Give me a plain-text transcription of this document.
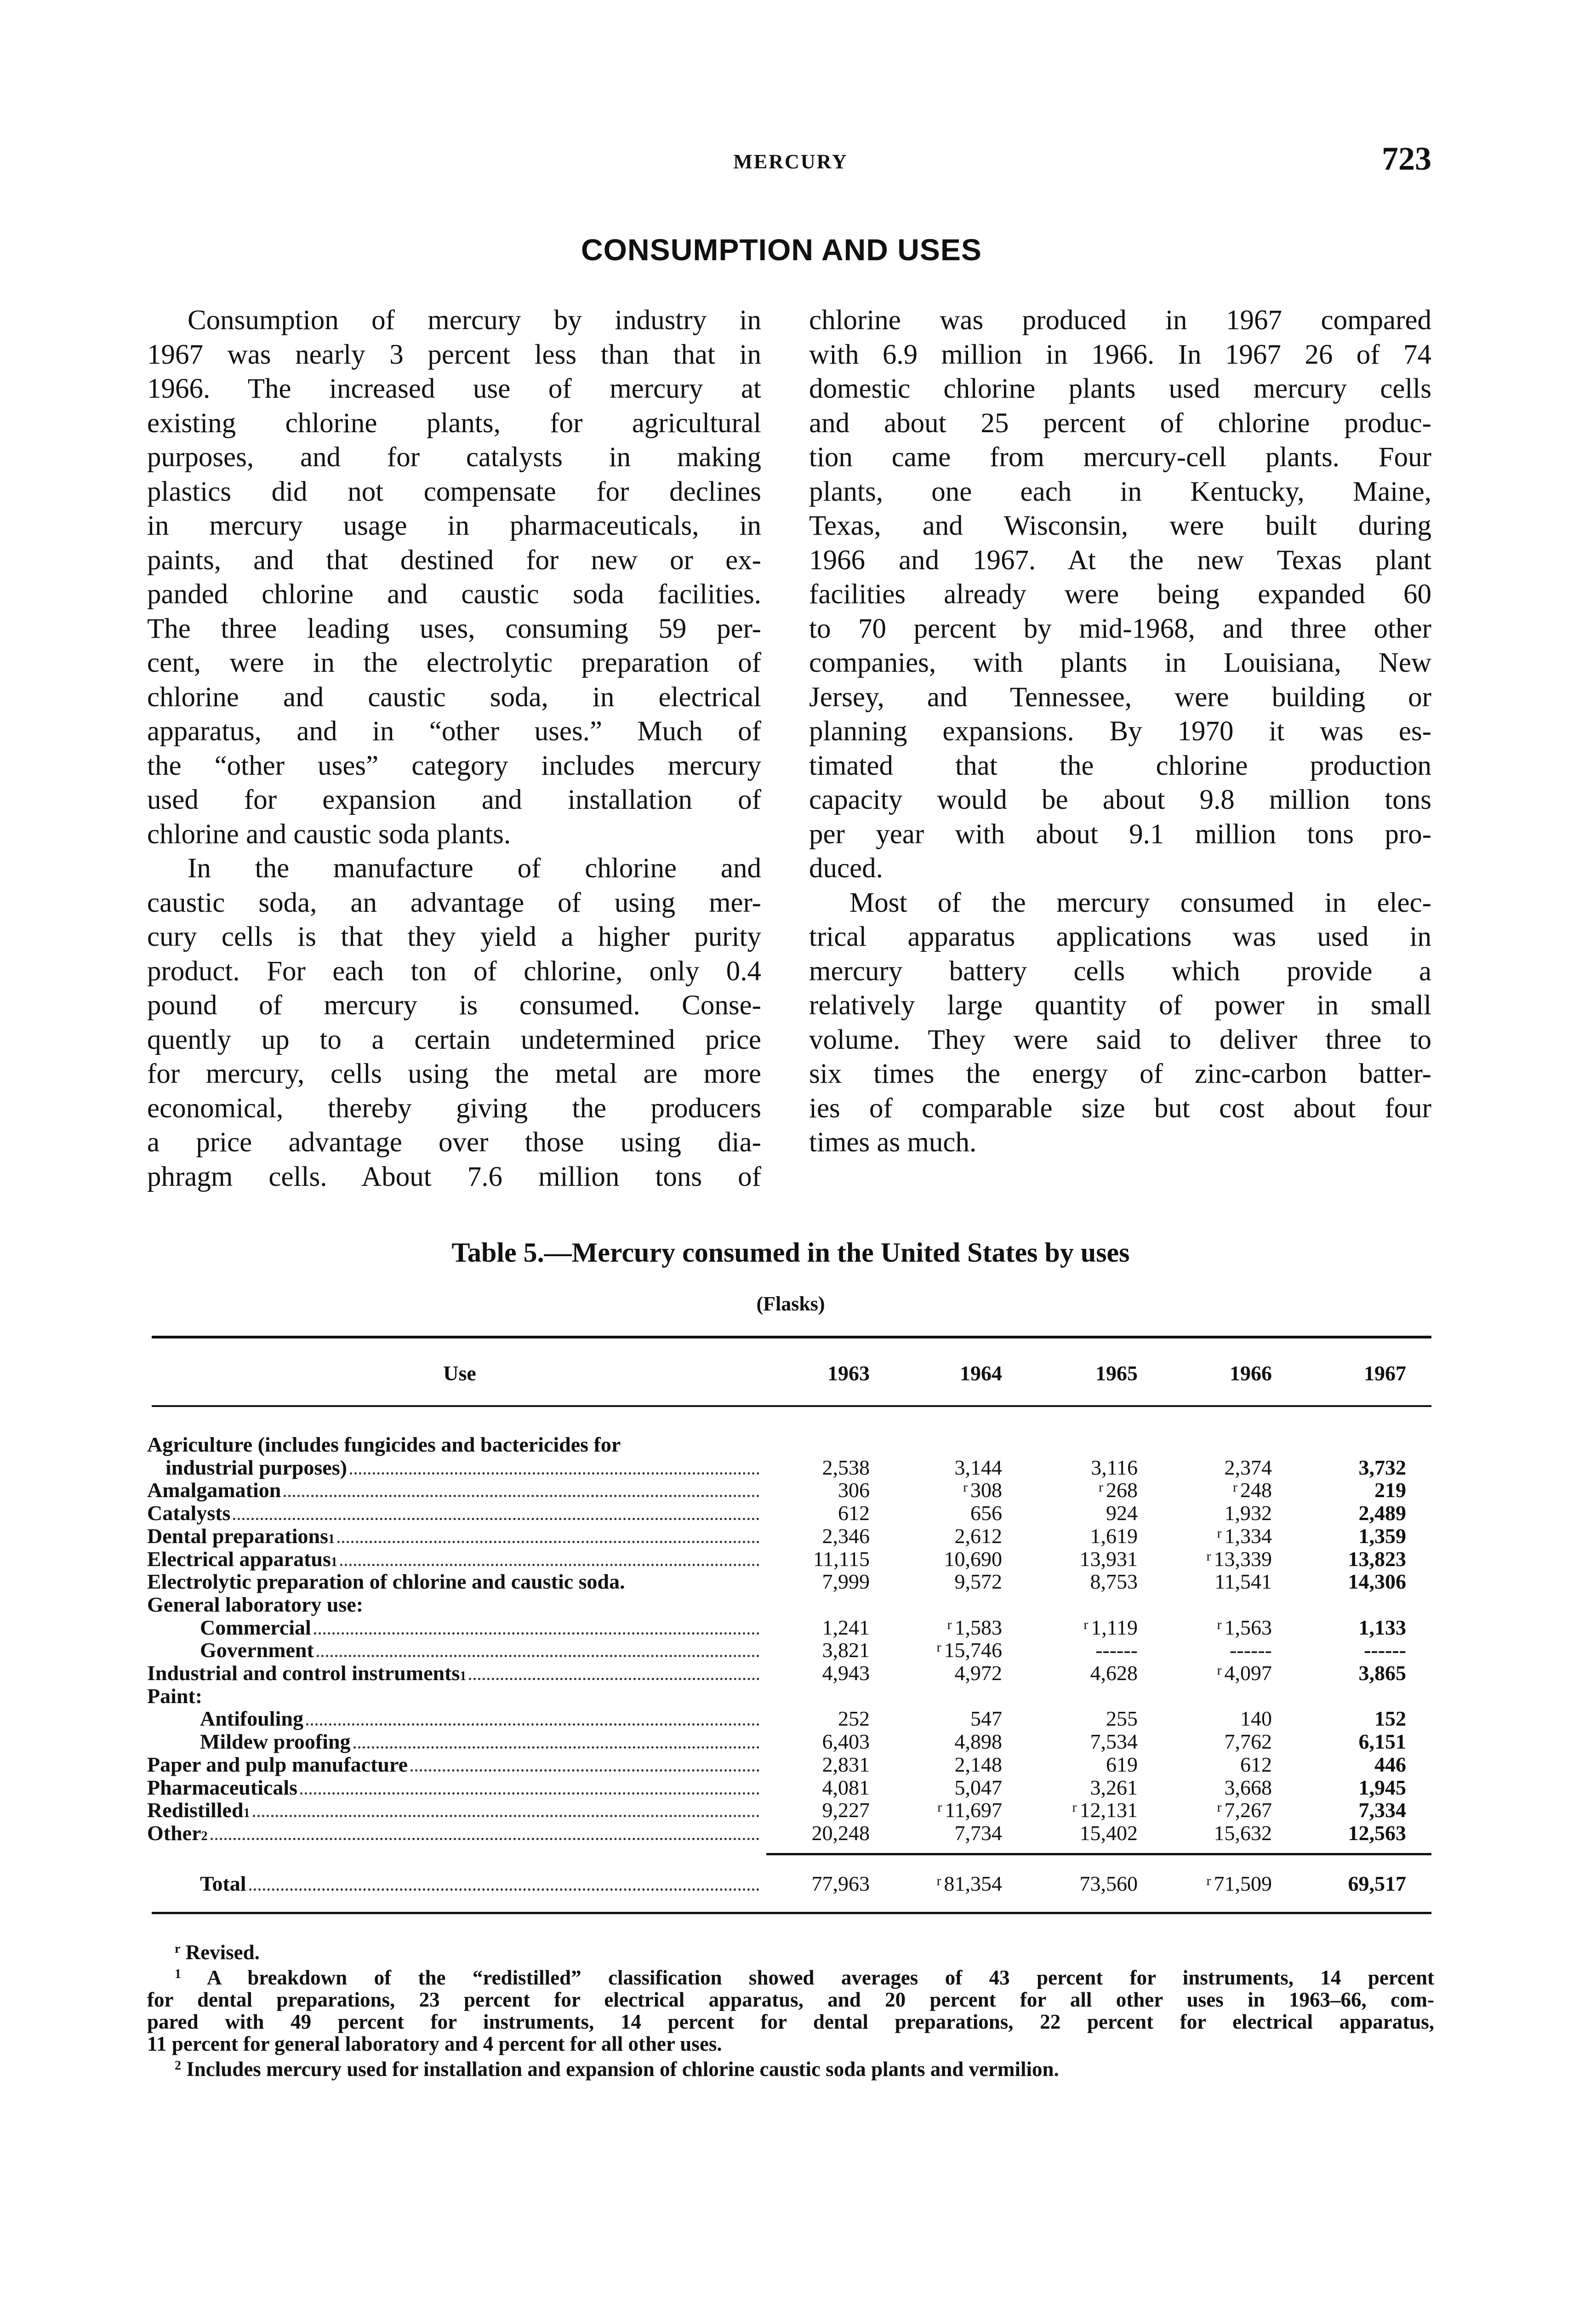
MERCURY	723
CONSUMPTION AND USES
Consumption of mercury by industry in
1967 was nearly 3 percent less than that in
1966. The increased use of mercury at
existing chlorine plants, for agricultural
purposes, and for catalysts in making
plastics did not compensate for declines
in mercury usage in pharmaceuticals, in
paints, and that destined for new or ex-
panded chlorine and caustic soda facilities.
The three leading uses, consuming 59 per-
cent, were in the electrolytic preparation of
chlorine and caustic soda, in electrical
apparatus, and in “other uses.” Much of
the “other uses” category includes mercury
used for expansion and installation of
chlorine and caustic soda plants.
In the manufacture of chlorine and
caustic soda, an advantage of using mer-
cury cells is that they yield a higher purity
product. For each ton of chlorine, only 0.4
pound of mercury is consumed. Conse-
quently up to a certain undetermined price
for mercury, cells using the metal are more
economical, thereby giving the producers
a price advantage over those using dia-
phragm cells. About 7.6 million tons of
chlorine was produced in 1967 compared
with 6.9 million in 1966. In 1967 26 of 74
domestic chlorine plants used mercury cells
and about 25 percent of chlorine produc-
tion came from mercury-cell plants. Four
plants, one each in Kentucky, Maine,
Texas, and Wisconsin, were built during
1966 and 1967. At the new Texas plant
facilities already were being expanded 60
to 70 percent by mid-1968, and three other
companies, with plants in Louisiana, New
Jersey, and Tennessee, were building or
planning expansions. By 1970 it was es-
timated that the chlorine production
capacity would be about 9.8 million tons
per year with about 9.1 million tons pro-
duced.
Most of the mercury consumed in elec-
trical apparatus applications was used in
mercury battery cells which provide a
relatively large quantity of power in small
volume. They were said to deliver three to
six times the energy of zinc-carbon batter-
ies of comparable size but cost about four
times as much.
Table 5.—Mercury consumed in the United States by uses
(Flasks)
Use	1963	1964	1965	1966	1967
Agriculture (includes fungicides and bactericides for
industrial purposes)	2,538	3,144	3,116	2,374	3,732
Amalgamation	306	$^r$ 308	$^r$ 268	$^r$ 248	219
Catalysts	612	656	924	1,932	2,489
Dental preparations 1	2,346	2,612	1,619	$^r$ 1,334	1,359
Electrical apparatus 1	11,115	10,690	13,931	$^r$ 13,339	13,823
Electrolytic preparation of chlorine and caustic soda.	7,999	9,572	8,753	11,541	14,306
General laboratory use:
Commercial	1,241	$^r$ 1,583	$^r$ 1,119	$^r$ 1,563	1,133
Government	3,821	$^r$ 15,746	------	------	------
Industrial and control instruments 1	4,943	4,972	4,628	$^r$ 4,097	3,865
Paint:
Antifouling	252	547	255	140	152
Mildew proofing	6,403	4,898	7,534	7,762	6,151
Paper and pulp manufacture	2,831	2,148	619	612	446
Pharmaceuticals	4,081	5,047	3,261	3,668	1,945
Redistilled 1	9,227	$^r$ 11,697	$^r$ 12,131	$^r$ 7,267	7,334
Other 2	20,248	7,734	15,402	15,632	12,563
Total	77,963	$^r$ 81,354	73,560	$^r$ 71,509	69,517
$^r$ Revised.
$^1$ A breakdown of the “redistilled” classification showed averages of 43 percent for instruments, 14 percent
for dental preparations, 23 percent for electrical apparatus, and 20 percent for all other uses in 1963–66, com-
pared with 49 percent for instruments, 14 percent for dental preparations, 22 percent for electrical apparatus,
11 percent for general laboratory and 4 percent for all other uses.
$^2$ Includes mercury used for installation and expansion of chlorine caustic soda plants and vermilion.
